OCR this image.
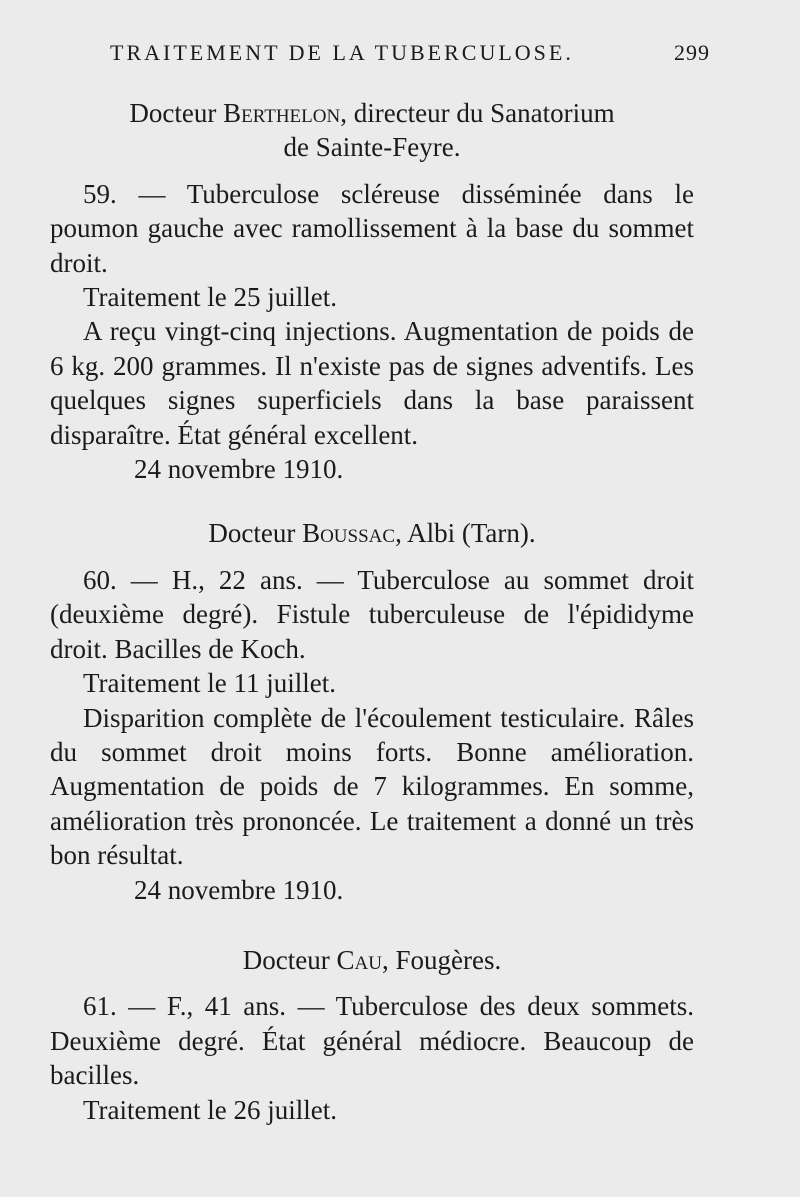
TRAITEMENT DE LA TUBERCULOSE.	299
Docteur Berthelon, directeur du Sanatorium
de Sainte-Feyre.

59. — Tuberculose scléreuse disséminée dans le poumon gauche avec ramollissement à la base du sommet droit.

Traitement le 25 juillet.

A reçu vingt-cinq injections. Augmentation de poids de 6 kg. 200 grammes. Il n'existe pas de signes adventifs. Les quelques signes superficiels dans la base paraissent disparaître. État général excellent.

24 novembre 1910.

Docteur Boussac, Albi (Tarn).

60. — H., 22 ans. — Tuberculose au sommet droit (deuxième degré). Fistule tuberculeuse de l'épididyme droit. Bacilles de Koch.

Traitement le 11 juillet.

Disparition complète de l'écoulement testiculaire. Râles du sommet droit moins forts. Bonne amélioration. Augmentation de poids de 7 kilogrammes. En somme, amélioration très prononcée. Le traitement a donné un très bon résultat.

24 novembre 1910.

Docteur Cau, Fougères.

61. — F., 41 ans. — Tuberculose des deux sommets. Deuxième degré. État général médiocre. Beaucoup de bacilles.

Traitement le 26 juillet.
